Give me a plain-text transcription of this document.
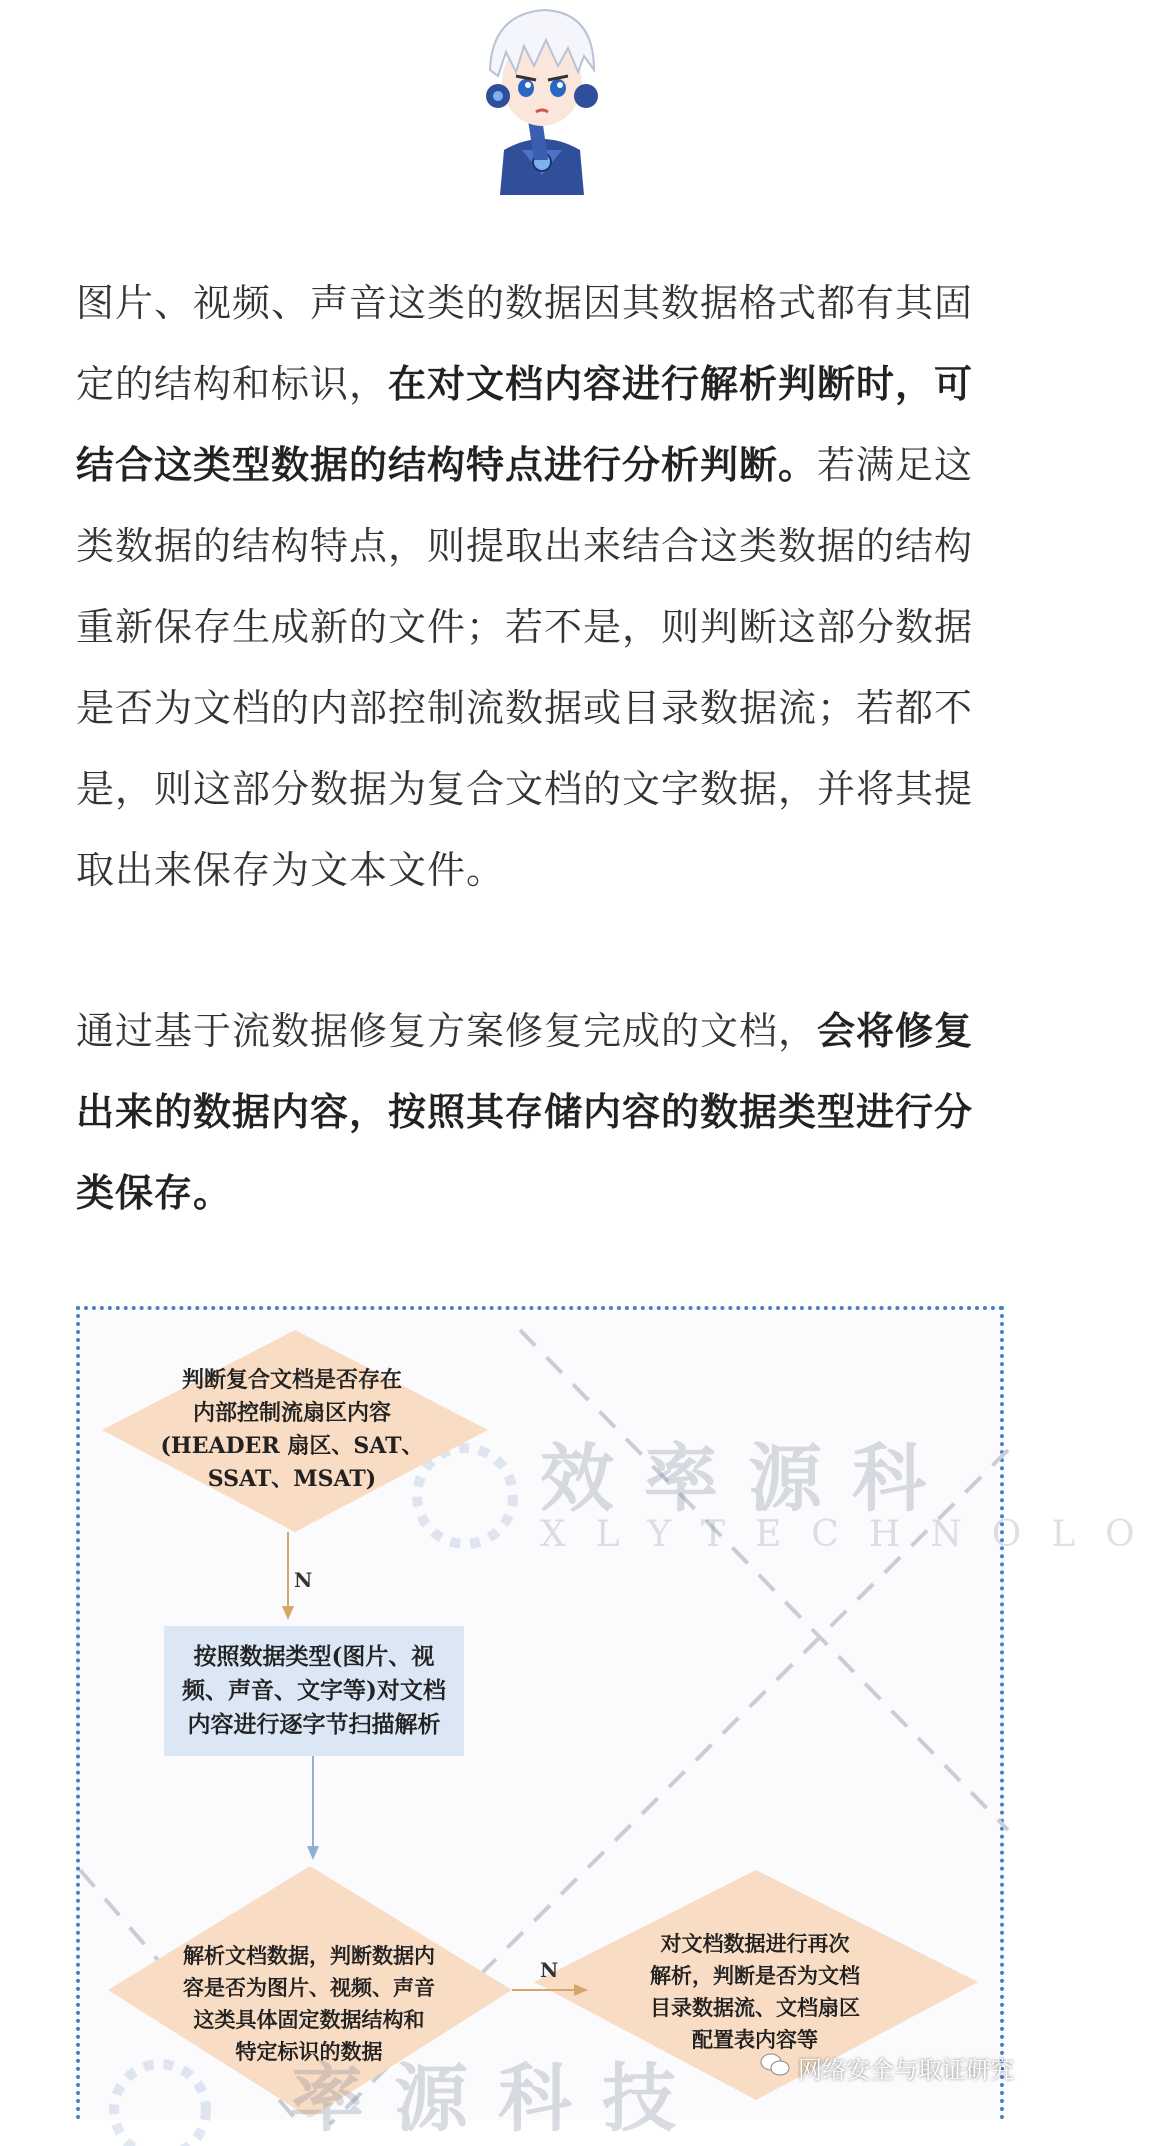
图片、视频、声音这类的数据因其数据格式都有其固定的结构和标识，在对文档内容进行解析判断时，可结合这类型数据的结构特点进行分析判断。若满足这类数据的结构特点，则提取出来结合这类数据的结构重新保存生成新的文件；若不是，则判断这部分数据是否为文档的内部控制流数据或目录数据流；若都不是，则这部分数据为复合文档的文字数据，并将其提取出来保存为文本文件。

通过基于流数据修复方案修复完成的文档，会将修复出来的数据内容，按照其存储内容的数据类型进行分类保存。

效率源科
XLYTECHNOLO
率源科技
判断复合文档是否存在
内部控制流扇区内容
(HEADER 扇区、SAT、
SSAT、MSAT)
N
按照数据类型(图片、视
频、声音、文字等)对文档
内容进行逐字节扫描解析
解析文档数据，判断数据内
容是否为图片、视频、声音
这类具体固定数据结构和
特定标识的数据
N
对文档数据进行再次
解析，判断是否为文档
目录数据流、文档扇区
配置表内容等
网络安全与取证研究
